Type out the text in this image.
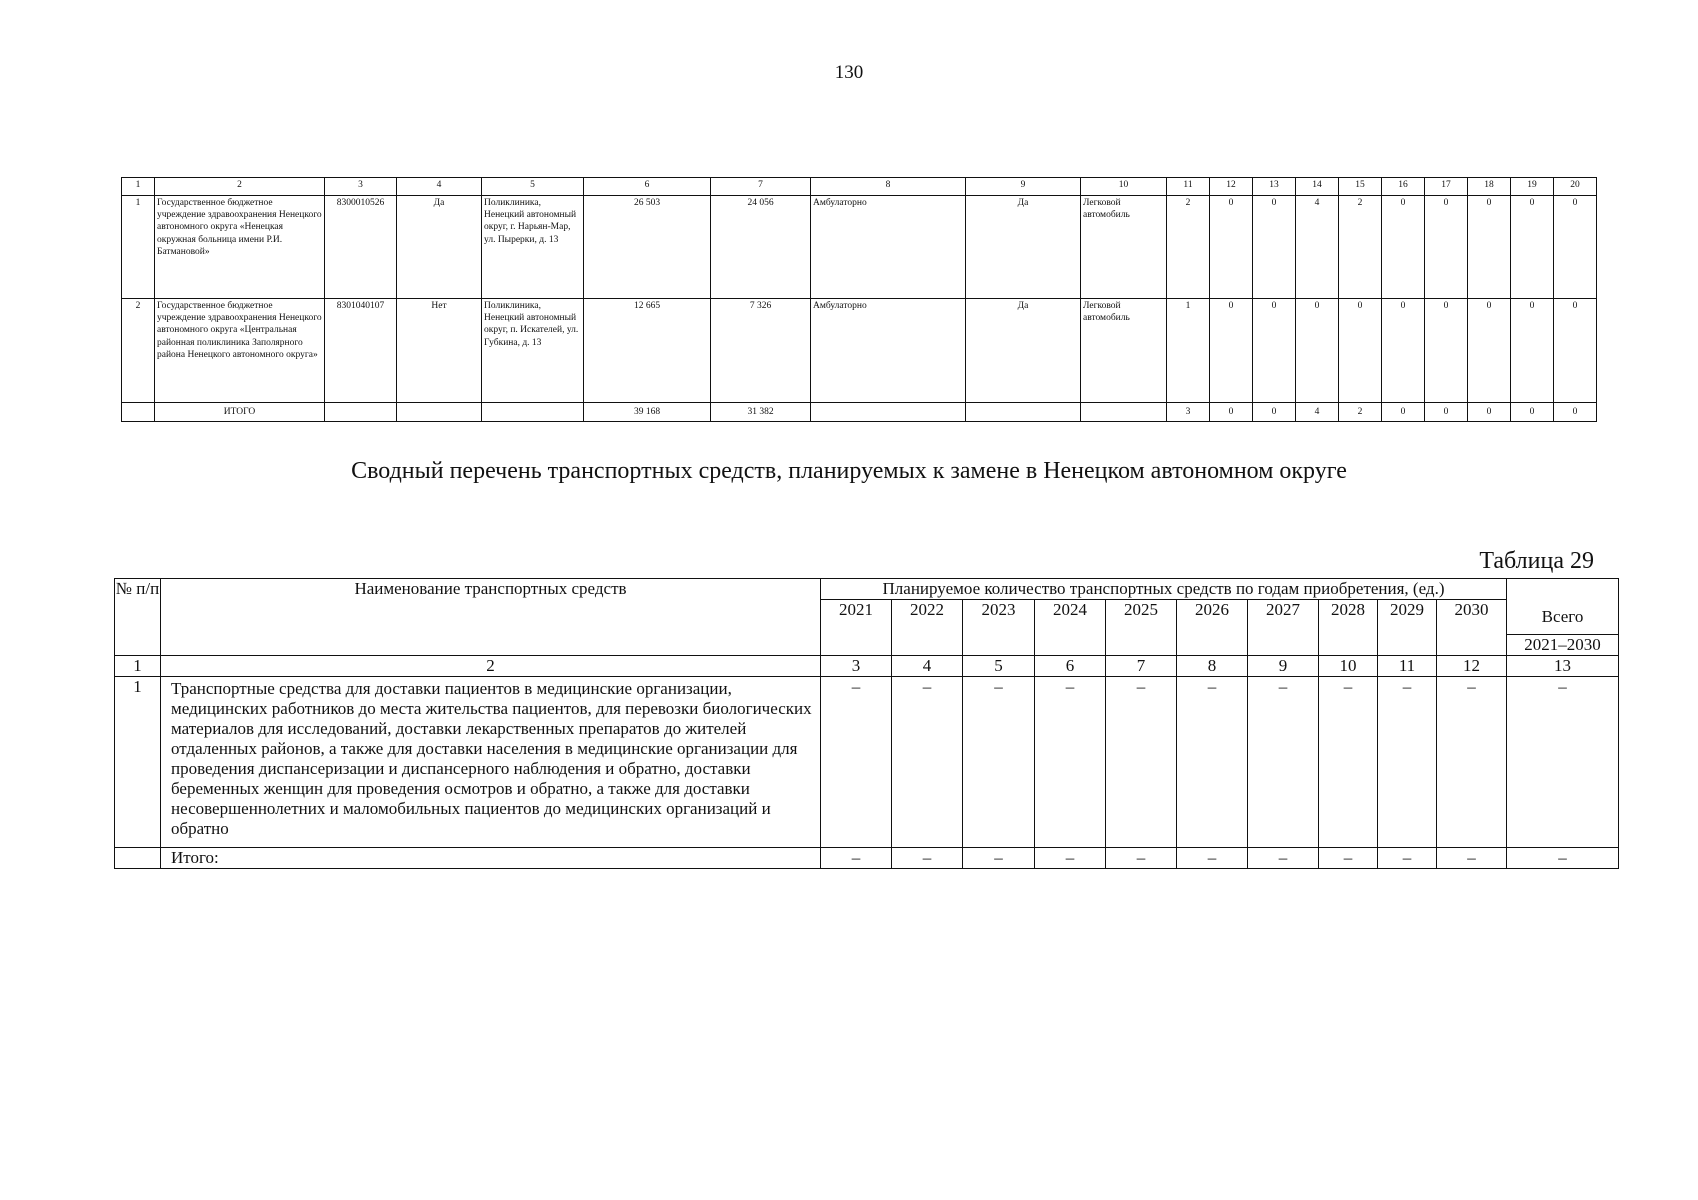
130
1	2	3	4	5	6	7	8	9	10	11	12	13	14	15	16	17	18	19	20
1	Государственное бюджетное учреждение здравоохранения Ненецкого автономного округа «Ненецкая окружная больница имени Р.И. Батмановой»	8300010526	Да	Поликлиника, Ненецкий автономный округ, г. Нарьян-Мар, ул. Пырерки, д. 13	26 503	24 056	Амбулаторно	Да	Легковой автомобиль	2	0	0	4	2	0	0	0	0	0
2	Государственное бюджетное учреждение здравоохранения Ненецкого автономного округа «Центральная районная поликлиника Заполярного района Ненецкого автономного округа»	8301040107	Нет	Поликлиника, Ненецкий автономный округ, п. Искателей, ул. Губкина, д. 13	12 665	7 326	Амбулаторно	Да	Легковой автомобиль	1	0	0	0	0	0	0	0	0	0
	ИТОГО				39 168	31 382				3	0	0	4	2	0	0	0	0	0
Сводный перечень транспортных средств, планируемых к замене в Ненецком автономном округе
Таблица 29
№ п/п	Наименование транспортных средств	Планируемое количество транспортных средств по годам приобретения, (ед.)										
		2021	2022	2023	2024	2025	2026	2027	2028	2029	2030	Всего
												2021–2030
1	2	3	4	5	6	7	8	9	10	11	12	13
1	Транспортные средства для доставки пациентов в медицинские организации, медицинских работников до места жительства пациентов, для перевозки биологических материалов для исследований, доставки лекарственных препаратов до жителей отдаленных районов, а также для доставки населения в медицинские организации для проведения диспансеризации и диспансерного наблюдения и обратно, доставки беременных женщин для проведения осмотров и обратно, а также для доставки несовершеннолетних и маломобильных пациентов до медицинских организаций и обратно	–	–	–	–	–	–	–	–	–	–	–
	Итого:	–	–	–	–	–	–	–	–	–	–	–
